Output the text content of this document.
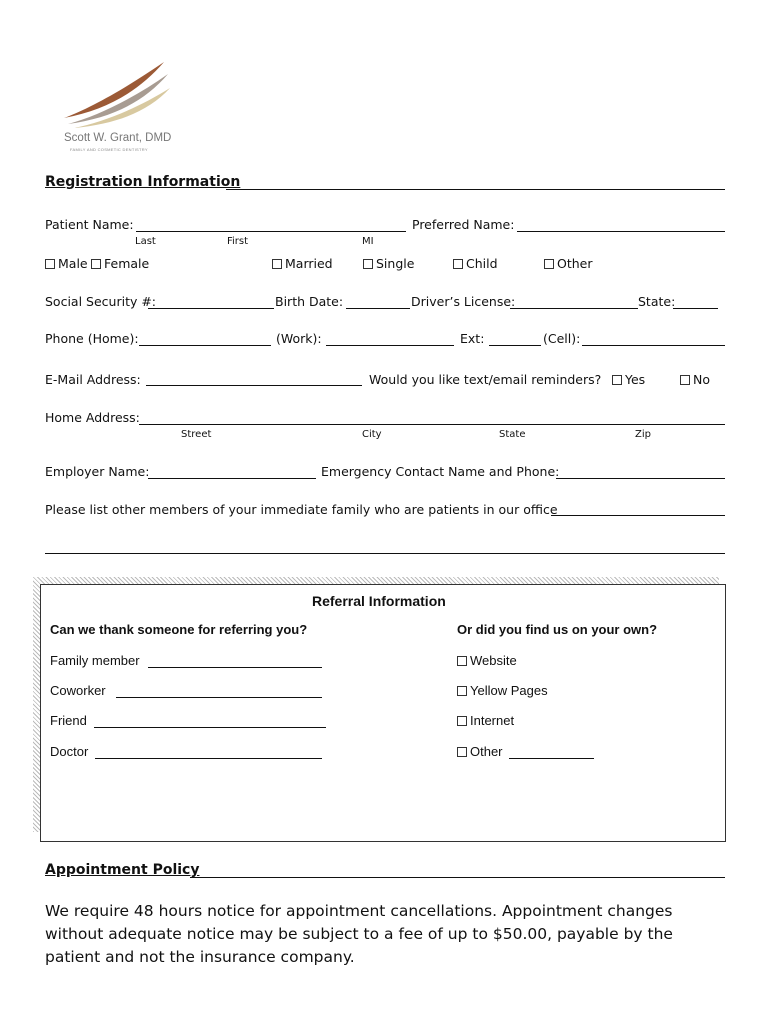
Scott W. Grant, DMD
FAMILY AND COSMETIC DENTISTRY
Registration Information
Patient Name:	Preferred Name:
Last	First	MI
Male	Female	Married	Single	Child	Other
Social Security #:	Birth Date:	Driver’s License:	State:
Phone (Home):	(Work):	Ext:	(Cell):
E-Mail Address:	Would you like text/email reminders?	Yes	No
Home Address:
Street	City	State	Zip
Employer Name:	Emergency Contact Name and Phone:
Please list other members of your immediate family who are patients in our office
Referral Information
Can we thank someone for referring you?	Or did you find us on your own?
Family member
Coworker
Friend
Doctor
Website
Yellow Pages
Internet
Other
Appointment Policy
We require 48 hours notice for appointment cancellations. Appointment changes without adequate notice may be subject to a fee of up to $50.00, payable by the patient and not the insurance company.
